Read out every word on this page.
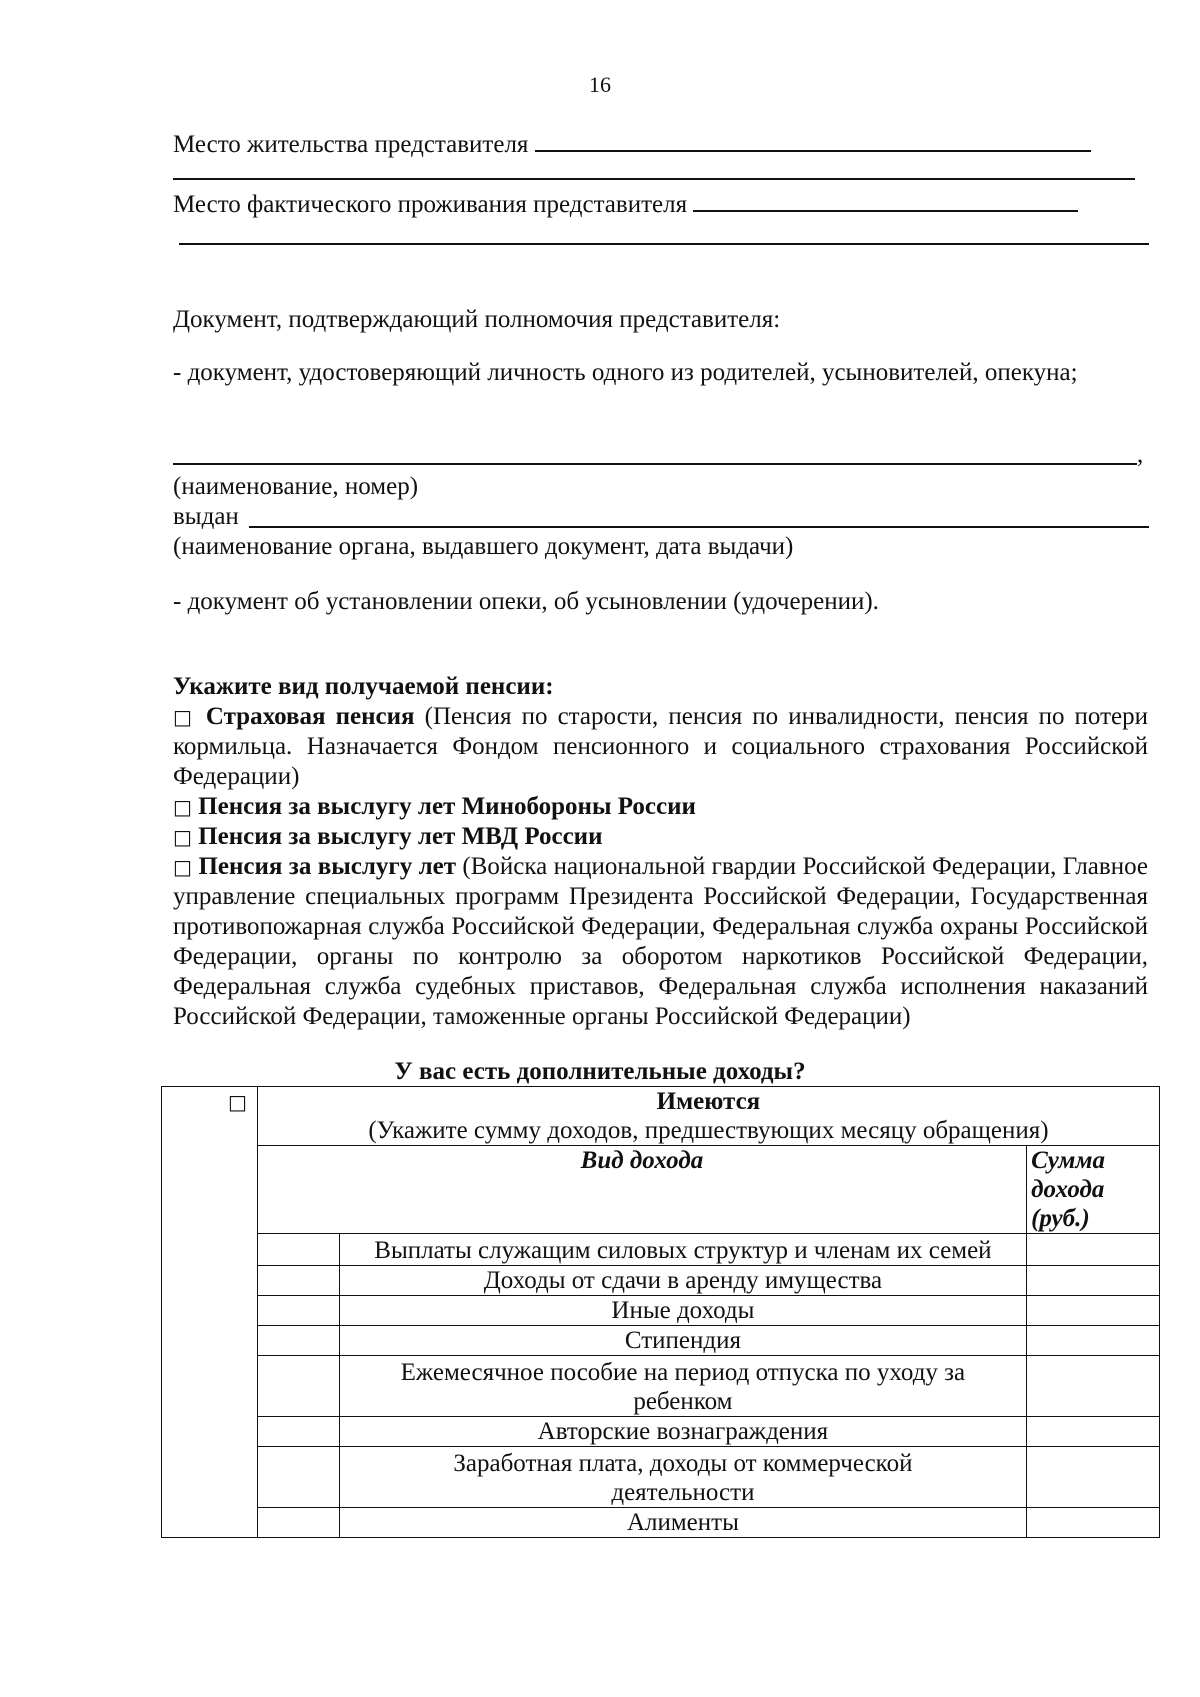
16
Место жительства представителя
Место фактического проживания представителя
Документ, подтверждающий полномочия представителя:
- документ, удостоверяющий личность одного из родителей, усыновителей, опекуна;
,
(наименование, номер)
выдан
(наименование органа, выдавшего документ, дата выдачи)
- документ об установлении опеки, об усыновлении (удочерении).
Укажите вид получаемой пенсии:
□ Страховая пенсия (Пенсия по старости, пенсия по инвалидности, пенсия по потери кормильца. Назначается Фондом пенсионного и социального страхования Российской Федерации)
□ Пенсия за выслугу лет Минобороны России
□ Пенсия за выслугу лет МВД России
□ Пенсия за выслугу лет (Войска национальной гвардии Российской Федерации, Главное управление специальных программ Президента Российской Федерации, Государственная противопожарная служба Российской Федерации, Федеральная служба охраны Российской Федерации, органы по контролю за оборотом наркотиков Российской Федерации, Федеральная служба судебных приставов, Федеральная служба исполнения наказаний Российской Федерации, таможенные органы Российской Федерации)
У вас есть дополнительные доходы?
□	Имеются
(Укажите сумму доходов, предшествующих месяцу обращения)		

	Вид дохода		Сумма дохода (руб.)
		Выплаты служащим силовых структур и членам их семей	
		Доходы от сдачи в аренду имущества	
		Иные доходы	
		Стипендия	
		Ежемесячное пособие на период отпуска по уходу за ребенком	
		Авторские вознаграждения	
		Заработная плата, доходы от коммерческой деятельности	
		Алименты	
